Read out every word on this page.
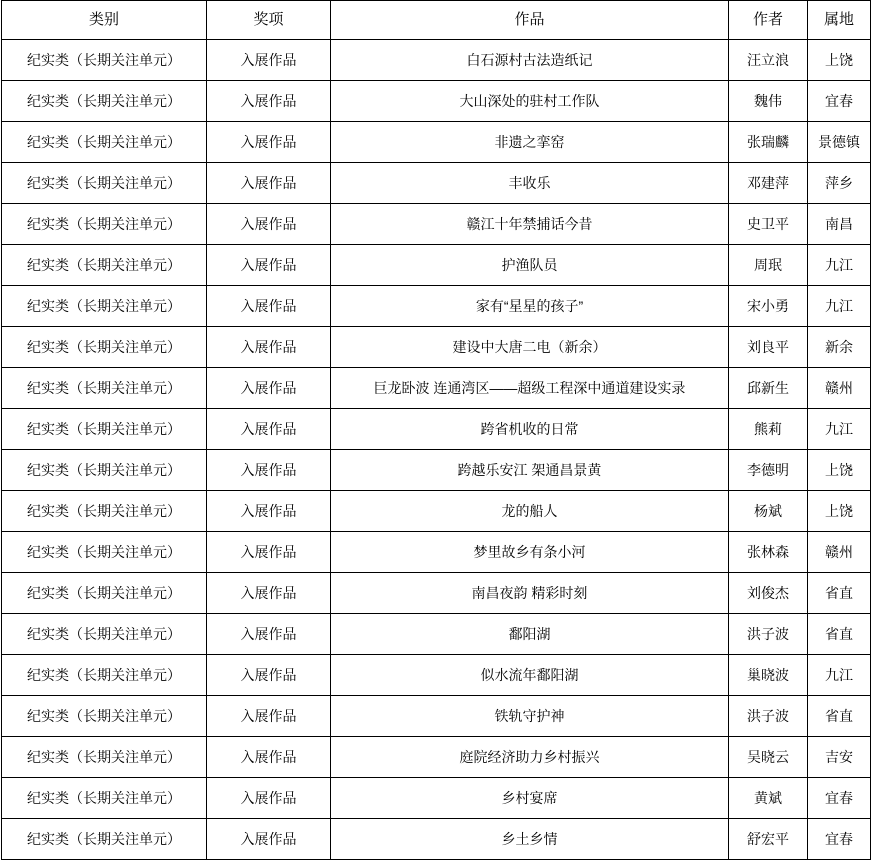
类别	奖项	作品	作者	属地
纪实类（长期关注单元）	入展作品	白石源村古法造纸记	汪立浪	上饶
纪实类（长期关注单元）	入展作品	大山深处的驻村工作队	魏伟	宜春
纪实类（长期关注单元）	入展作品	非遗之挛窑	张瑞麟	景德镇
纪实类（长期关注单元）	入展作品	丰收乐	邓建萍	萍乡
纪实类（长期关注单元）	入展作品	赣江十年禁捕话今昔	史卫平	南昌
纪实类（长期关注单元）	入展作品	护渔队员	周珉	九江
纪实类（长期关注单元）	入展作品	家有“星星的孩子”	宋小勇	九江
纪实类（长期关注单元）	入展作品	建设中大唐二电（新余）	刘良平	新余
纪实类（长期关注单元）	入展作品	巨龙卧波 连通湾区——超级工程深中通道建设实录	邱新生	赣州
纪实类（长期关注单元）	入展作品	跨省机收的日常	熊莉	九江
纪实类（长期关注单元）	入展作品	跨越乐安江 架通昌景黄	李德明	上饶
纪实类（长期关注单元）	入展作品	龙的船人	杨斌	上饶
纪实类（长期关注单元）	入展作品	梦里故乡有条小河	张林森	赣州
纪实类（长期关注单元）	入展作品	南昌夜韵 精彩时刻	刘俊杰	省直
纪实类（长期关注单元）	入展作品	鄱阳湖	洪子波	省直
纪实类（长期关注单元）	入展作品	似水流年鄱阳湖	巢晓波	九江
纪实类（长期关注单元）	入展作品	铁轨守护神	洪子波	省直
纪实类（长期关注单元）	入展作品	庭院经济助力乡村振兴	吴晓云	吉安
纪实类（长期关注单元）	入展作品	乡村宴席	黄斌	宜春
纪实类（长期关注单元）	入展作品	乡土乡情	舒宏平	宜春
